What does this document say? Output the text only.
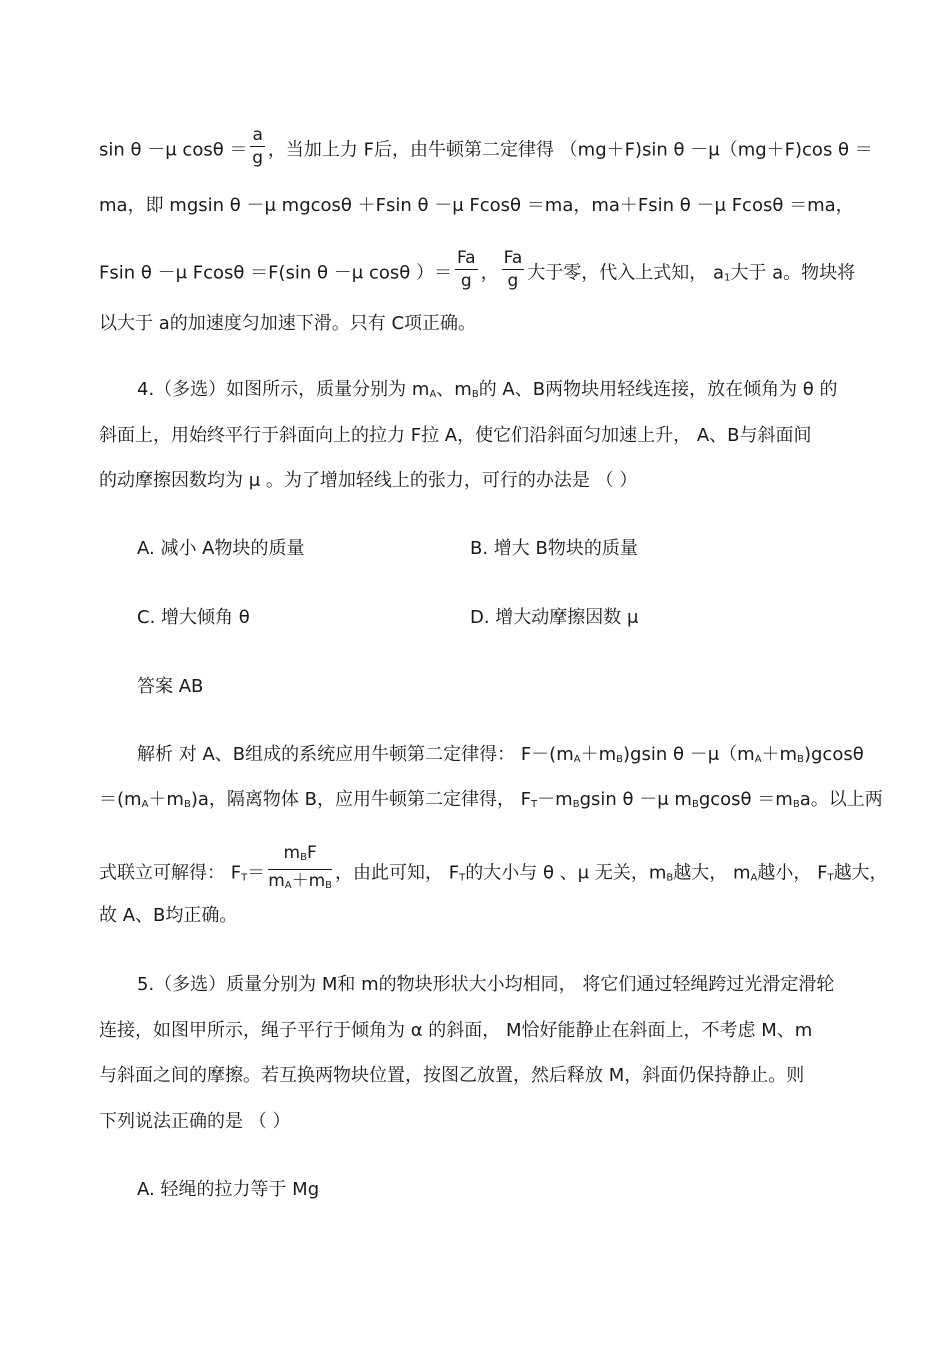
sin θ －μ $\cos\theta = \frac{a}{g}$ ，当加上力 F后，由牛顿第二定律得 （mg＋F)sin θ －μ（mg＋F)cos θ ＝
ma，即 mgsin θ －μ mgcosθ ＋Fsin θ －μ Fcosθ ＝ma，ma＋Fsin θ －μ Fcosθ ＝ma，
Fsin θ －μ Fcosθ ＝F(sin θ －μ cosθ ）＝ $\frac{Fa}{g}$ ， $\frac{Fa}{g}$ 大于零，代入上式知， $a_1$大于 a。物块将
以大于 a的加速度匀加速下滑。只有 C项正确。
4.（多选）如图所示，质量分别为 $m_A$、$m_B$的 A、B两物块用轻线连接，放在倾角为 θ 的
斜面上，用始终平行于斜面向上的拉力 F拉 A，使它们沿斜面匀加速上升， A、B与斜面间
的动摩擦因数均为 μ 。为了增加轻线上的张力，可行的办法是 （ ）
A. 减小 A物块的质量	B. 增大 B物块的质量
C. 增大倾角 θ	D. 增大动摩擦因数 μ
答案 AB
解析 对 A、B组成的系统应用牛顿第二定律得： $F-(m_A+m_B)gsin$ $\theta -\mu(m_A+m_B)gcos\theta$
$=(m_A+m_B)a$，隔离物体 B，应用牛顿第二定律得， $F_T-m_Bgsin$ θ －μ $m_Bgcos\theta =m_Ba$。以上两
式联立可解得： $F_T= \frac{m_BF}{m_A+m_B}$ ，由此可知， $F_T$的大小与 θ 、μ 无关，$m_B$越大， $m_A$越小， $F_T$越大，
故 A、B均正确。
5.（多选）质量分别为 M和 m的物块形状大小均相同， 将它们通过轻绳跨过光滑定滑轮
连接，如图甲所示，绳子平行于倾角为 α 的斜面， M恰好能静止在斜面上，不考虑 M、m
与斜面之间的摩擦。若互换两物块位置，按图乙放置，然后释放 M，斜面仍保持静止。则
下列说法正确的是 （ ）
A. 轻绳的拉力等于 Mg
